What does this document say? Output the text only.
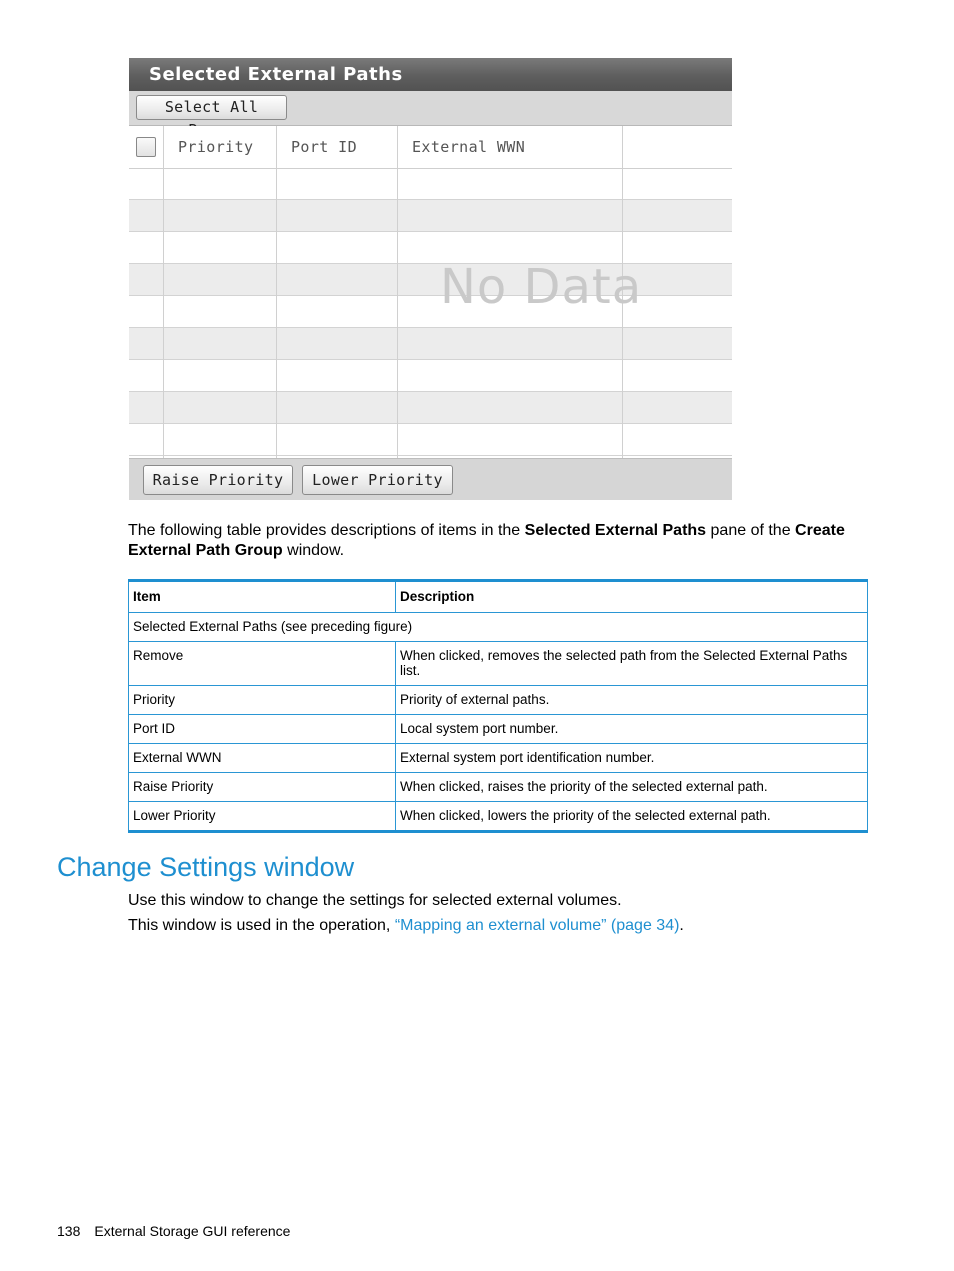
Selected External Paths
Select All
Priority	Port ID	External WWN
No Data
Raise Priority	Lower Priority
The following table provides descriptions of items in the Selected External Paths pane of the Create External Path Group window.
Item	Description
Selected External Paths (see preceding figure)	
Remove	When clicked, removes the selected path from the Selected External Paths list.
Priority	Priority of external paths.
Port ID	Local system port number.
External WWN	External system port identification number.
Raise Priority	When clicked, raises the priority of the selected external path.
Lower Priority	When clicked, lowers the priority of the selected external path.
Change Settings window
Use this window to change the settings for selected external volumes.
This window is used in the operation, “Mapping an external volume” (page 34).
138 External Storage GUI reference
